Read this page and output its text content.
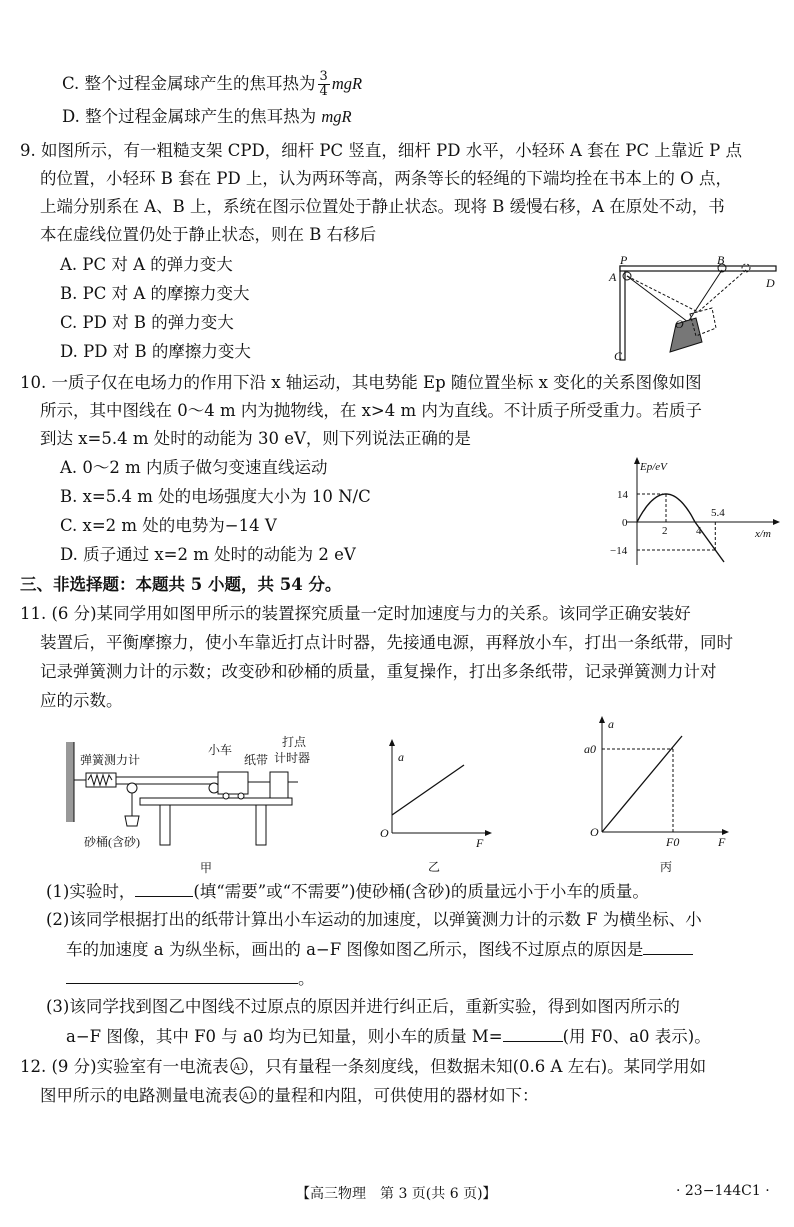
C. 整个过程金属球产生的焦耳热为 $\frac{3}{4}$ mgR
D. 整个过程金属球产生的焦耳热为 mgR
9. 如图所示，有一粗糙支架 CPD，细杆 PC 竖直，细杆 PD 水平，小轻环 A 套在 PC 上靠近 P 点
的位置，小轻环 B 套在 PD 上，认为两环等高，两条等长的轻绳的下端均拴在书本上的 O 点，
上端分别系在 A、B 上，系统在图示位置处于静止状态。现将 B 缓慢右移，A 在原处不动，书
本在虚线位置仍处于静止状态，则在 B 右移后
A. PC 对 A 的弹力变大
B. PC 对 A 的摩擦力变大
C. PD 对 B 的弹力变大
D. PD 对 B 的摩擦力变大
P
A
B
D
O
C
10. 一质子仅在电场力的作用下沿 x 轴运动，其电势能 Ep 随位置坐标 x 变化的关系图像如图
所示，其中图线在 0～4 m 内为抛物线，在 x>4 m 内为直线。不计质子所受重力。若质子
到达 x=5.4 m 处时的动能为 30 eV，则下列说法正确的是
A. 0～2 m 内质子做匀变速直线运动
B. x=5.4 m 处的电场强度大小为 10 N/C
C. x=2 m 处的电势为−14 V
D. 质子通过 x=2 m 处时的动能为 2 eV
Ep/eV
x/m
14
0
−14
2	4
5.4
三、非选择题：本题共 5 小题，共 54 分。
11. (6 分)某同学用如图甲所示的装置探究质量一定时加速度与力的关系。该同学正确安装好
装置后，平衡摩擦力，使小车靠近打点计时器，先接通电源，再释放小车，打出一条纸带，同时
记录弹簧测力计的示数；改变砂和砂桶的质量，重复操作，打出多条纸带，记录弹簧测力计对
应的示数。
弹簧测力计
小车
纸带
打点
计时器
砂桶(含砂)
甲
a
O
F
乙
a
a0
O
F0	F
丙
(1)实验时，	(填“需要”或“不需要”)使砂桶(含砂)的质量远小于小车的质量。
(2)该同学根据打出的纸带计算出小车运动的加速度，以弹簧测力计的示数 F 为横坐标、小
车的加速度 a 为纵坐标，画出的 a−F 图像如图乙所示，图线不过原点的原因是
。
(3)该同学找到图乙中图线不过原点的原因并进行纠正后，重新实验，得到如图丙所示的
a−F 图像，其中 F0 与 a0 均为已知量，则小车的质量 M=	(用 F0、a0 表示)。
12. (9 分)实验室有一电流表 A1 ，只有量程一条刻度线，但数据未知(0.6 A 左右)。某同学用如
图甲所示的电路测量电流表 A1 的量程和内阻，可供使用的器材如下：
【高三物理　第 3 页(共 6 页)】	· 23−144C1 ·
